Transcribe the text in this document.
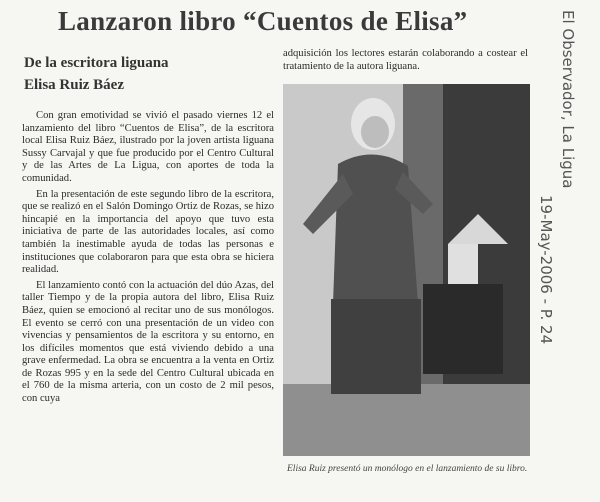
Lanzaron libro “Cuentos de Elisa”
De la escritora liguana
Elisa Ruiz Báez

Con gran emotividad se vivió el pasado viernes 12 el lanzamiento del libro “Cuentos de Elisa”, de la escritora local Elisa Ruiz Báez, ilustrado por la joven artista liguana Sussy Carvajal y que fue producido por el Centro Cultural y de las Artes de La Ligua, con aportes de toda la comunidad.

En la presentación de este segundo libro de la escritora, que se realizó en el Salón Domingo Ortiz de Rozas, se hizo hincapié en la importancia del apoyo que tuvo esta iniciativa de parte de las autoridades locales, así como también la inestimable ayuda de todas las personas e instituciones que colaboraron para que esta obra se hiciera realidad.

El lanzamiento contó con la actuación del dúo Azas, del taller Tiempo y de la propia autora del libro, Elisa Ruiz Báez, quien se emocionó al recitar uno de sus monólogos. El evento se cerró con una presentación de un video con vivencias y pensamientos de la escritora y su entorno, en los difíciles momentos que está viviendo debido a una grave enfermedad. La obra se encuentra a la venta en Ortiz de Rozas 995 y en la sede del Centro Cultural ubicada en el 760 de la misma arteria, con un costo de 2 mil pesos, con cuya

adquisición los lectores estarán colaborando a costear el tratamiento de la autora liguana.
Elisa Ruiz presentó un monólogo en el lanzamiento de su libro.
El Observador, La Ligua
19-May-2006 - P. 24
